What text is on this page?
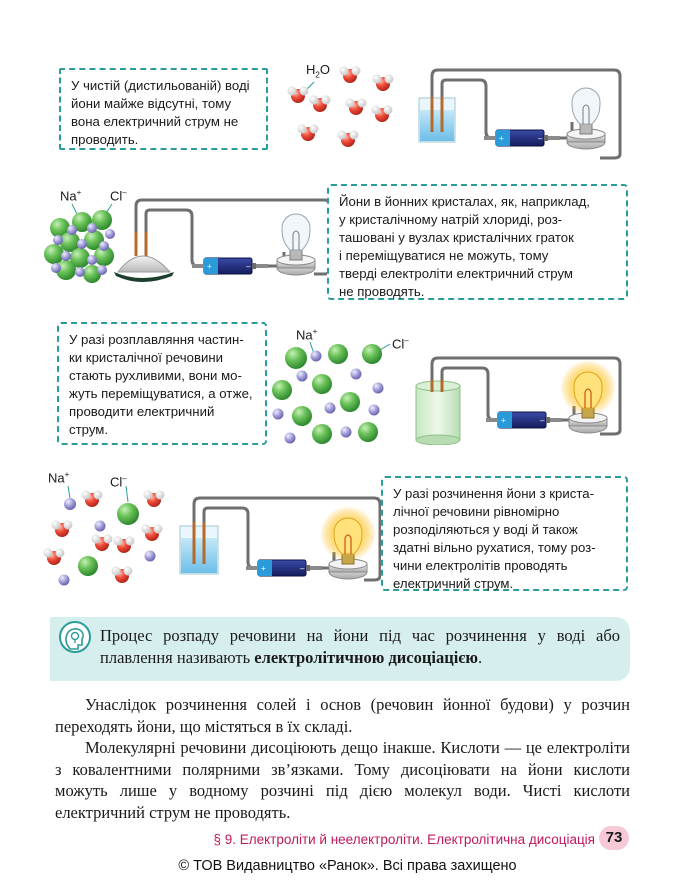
У чистій (дистильованій) воді
йони майже відсутні, тому
вона електричний струм не
проводить.
$H_2O$
Na+ Cl–
Йони в йонних кристалах, як, наприклад,
у кристалічному натрій хлориді, роз-
ташовані у вузлах кристалічних граток
і переміщуватися не можуть, тому
тверді електроліти електричний струм
не проводять.
У разі розплавляння частин-
ки кристалічної речовини
стають рухливими, вони мо-
жуть переміщуватися, а отже,
проводити електричний
струм.
Na+
Cl–
Na+	Cl–
У разі розчинення йони з криста-
лічної речовини рівномірно
розподіляються у воді й також
здатні вільно рухатися, тому роз-
чини електролітів проводять
електричний струм.
Процес розпаду речовини на йони під час розчинення у воді або плавлення називають електролітичною дисоціацією.

Унаслідок розчинення солей і основ (речовин йонної будови) у розчин переходять йони, що містяться в їх складі.

Молекулярні речовини дисоціюють дещо інакше. Кислоти — це електроліти з ковалентними полярними зв’язками. Тому дисоціювати на йони кислоти можуть лише у водному розчині під дією молекул води. Чисті кислоти електричний струм не проводять.

§ 9. Електроліти й неелектроліти. Електролітична дисоціація 73
© ТОВ Видавництво «Ранок». Всі права захищено
